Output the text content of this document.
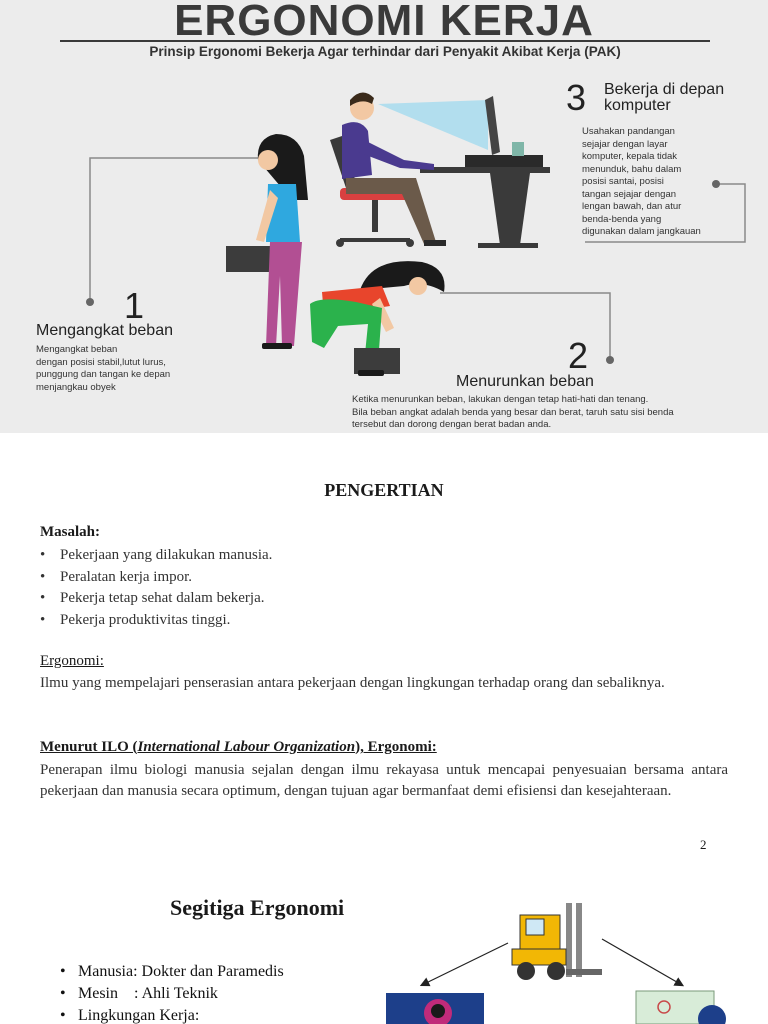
ERGONOMI KERJA
Prinsip Ergonomi Bekerja Agar terhindar dari Penyakit Akibat Kerja (PAK)
1
Mengangkat beban
Mengangkat beban
dengan posisi stabil,lutut lurus,
punggung dan tangan ke depan
menjangkau obyek
2
Menurunkan beban
Ketika menurunkan beban, lakukan dengan tetap hati-hati dan tenang.
Bila beban angkat adalah benda yang besar dan berat, taruh satu sisi benda
tersebut dan dorong dengan berat badan anda.
3 Bekerja di depan
komputer
Usahakan pandangan
sejajar dengan layar
komputer, kepala tidak
menunduk, bahu dalam
posisi santai, posisi
tangan sejajar dengan
lengan bawah, dan atur
benda-benda yang
digunakan dalam jangkauan
PENGERTIAN
Masalah:
• Pekerjaan yang dilakukan manusia.
• Peralatan kerja impor.
• Pekerja tetap sehat dalam bekerja.
• Pekerja produktivitas tinggi.
Ergonomi:
Ilmu yang mempelajari penserasian antara pekerjaan dengan lingkungan terhadap orang dan sebaliknya.
Menurut ILO (International Labour Organization), Ergonomi:
Penerapan ilmu biologi manusia sejalan dengan ilmu rekayasa untuk mencapai penyesuaian bersama antara pekerjaan dan manusia secara optimum, dengan tujuan agar bermanfaat demi efisiensi dan kesejahteraan.
2
Segitiga Ergonomi
• Manusia: Dokter dan Paramedis
• Mesin    : Ahli Teknik
• Lingkungan Kerja:
